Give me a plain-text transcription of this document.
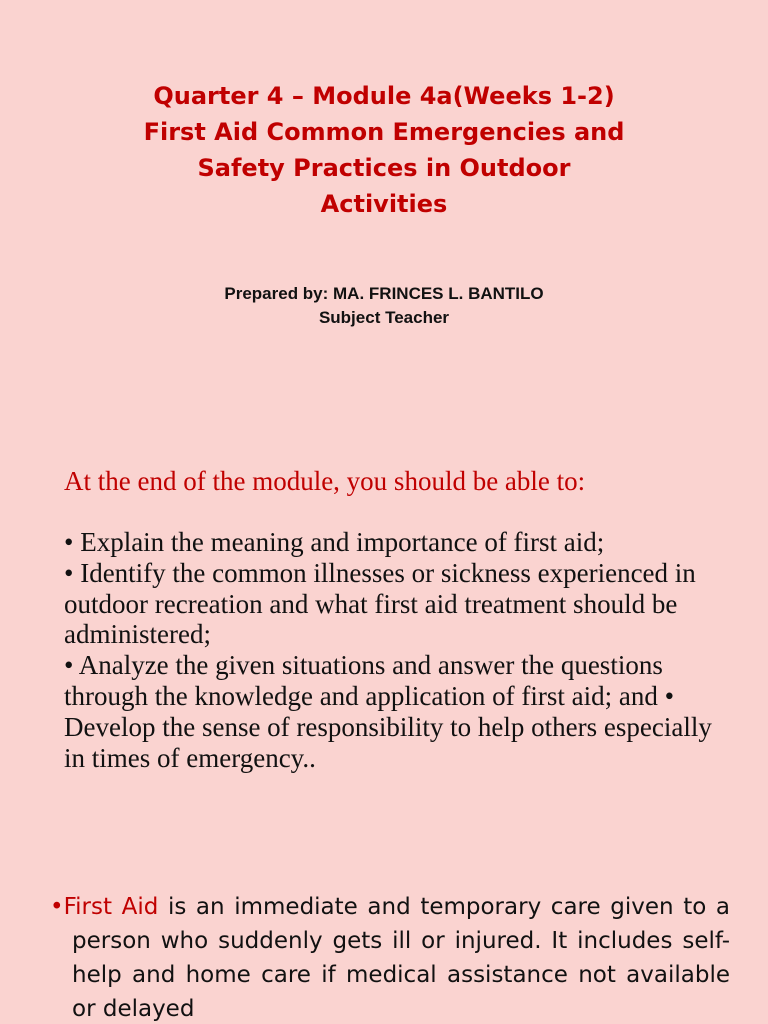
Quarter 4 – Module 4a(Weeks 1-2)
First Aid Common Emergencies and
Safety Practices in Outdoor
Activities
Prepared by: MA. FRINCES L. BANTILO
Subject Teacher
At the end of the module, you should be able to:
• Explain the meaning and importance of first aid;
• Identify the common illnesses or sickness experienced in outdoor recreation and what first aid treatment should be administered;
• Analyze the given situations and answer the questions through the knowledge and application of first aid; and • Develop the sense of responsibility to help others especially in times of emergency..
•First Aid is an immediate and temporary care given to a person who suddenly gets ill or injured. It includes self-help and home care if medical assistance not available or delayed
